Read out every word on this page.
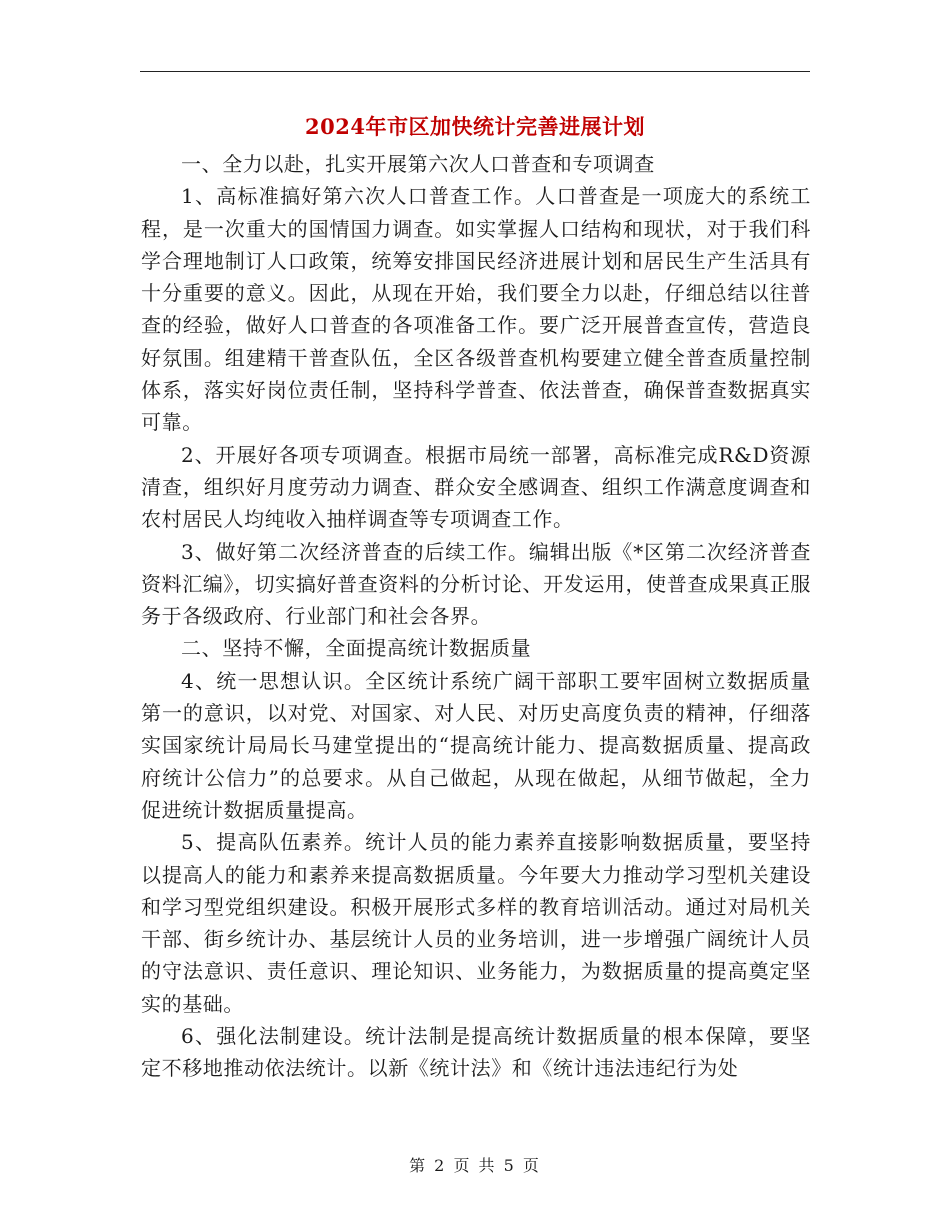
2024年市区加快统计完善进展计划

一、全力以赴，扎实开展第六次人口普查和专项调查

1、高标准搞好第六次人口普查工作。人口普查是一项庞大的系统工程，是一次重大的国情国力调查。如实掌握人口结构和现状，对于我们科学合理地制订人口政策，统筹安排国民经济进展计划和居民生产生活具有十分重要的意义。因此，从现在开始，我们要全力以赴，仔细总结以往普查的经验，做好人口普查的各项准备工作。要广泛开展普查宣传，营造良好氛围。组建精干普查队伍，全区各级普查机构要建立健全普查质量控制体系，落实好岗位责任制，坚持科学普查、依法普查，确保普查数据真实可靠。

2、开展好各项专项调查。根据市局统一部署，高标准完成R&D资源清查，组织好月度劳动力调查、群众安全感调查、组织工作满意度调查和农村居民人均纯收入抽样调查等专项调查工作。

3、做好第二次经济普查的后续工作。编辑出版《*区第二次经济普查资料汇编》，切实搞好普查资料的分析讨论、开发运用，使普查成果真正服务于各级政府、行业部门和社会各界。

二、坚持不懈，全面提高统计数据质量

4、统一思想认识。全区统计系统广阔干部职工要牢固树立数据质量第一的意识，以对党、对国家、对人民、对历史高度负责的精神，仔细落实国家统计局局长马建堂提出的“提高统计能力、提高数据质量、提高政府统计公信力”的总要求。从自己做起，从现在做起，从细节做起，全力促进统计数据质量提高。

5、提高队伍素养。统计人员的能力素养直接影响数据质量，要坚持以提高人的能力和素养来提高数据质量。今年要大力推动学习型机关建设和学习型党组织建设。积极开展形式多样的教育培训活动。通过对局机关干部、街乡统计办、基层统计人员的业务培训，进一步增强广阔统计人员的守法意识、责任意识、理论知识、业务能力，为数据质量的提高奠定坚实的基础。

6、强化法制建设。统计法制是提高统计数据质量的根本保障，要坚定不移地推动依法统计。以新《统计法》和《统计违法违纪行为处

第 2 页 共 5 页
